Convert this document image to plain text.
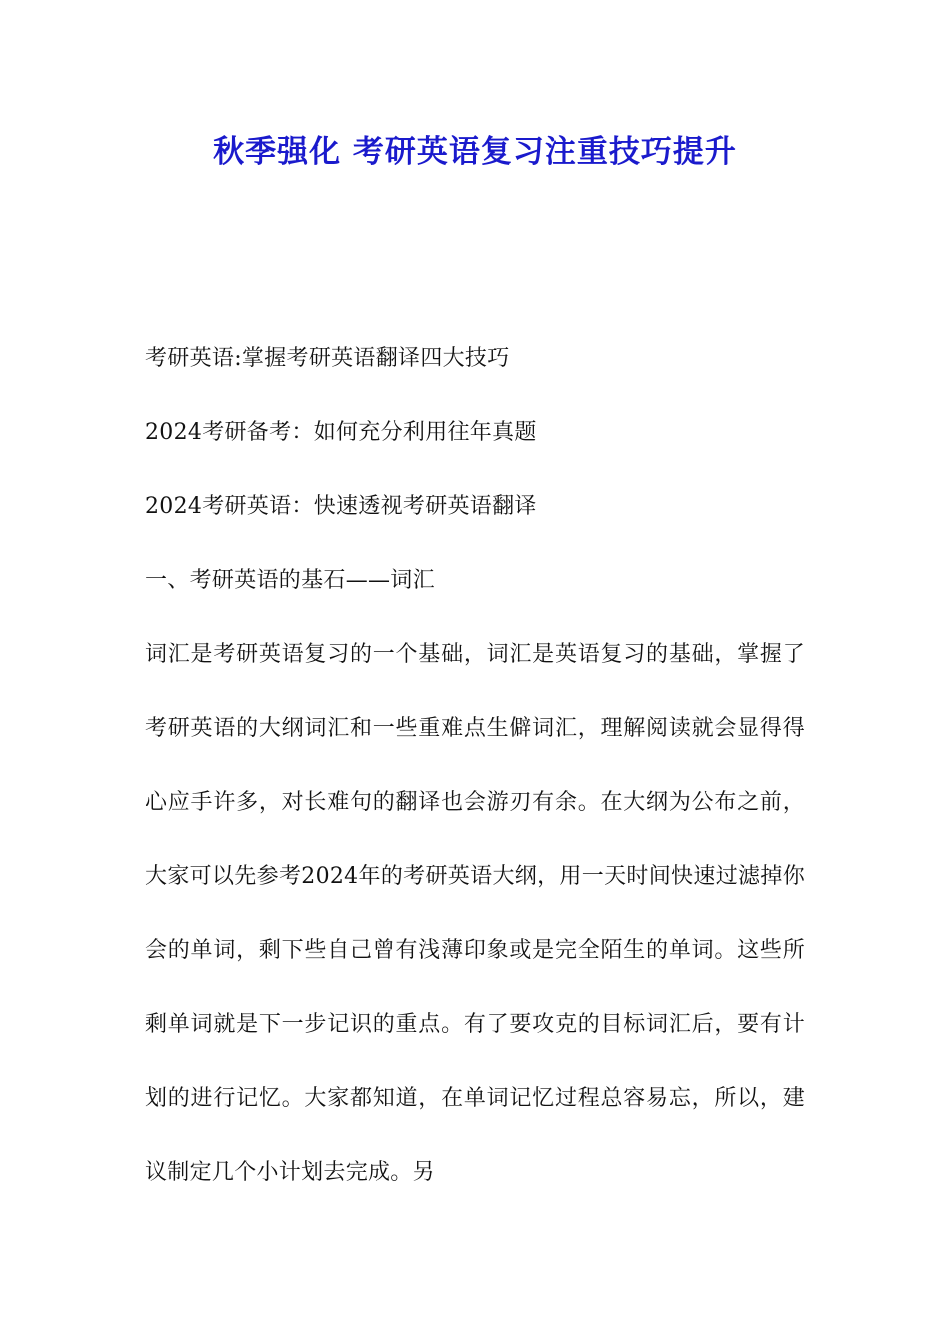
秋季强化 考研英语复习注重技巧提升
考研英语:掌握考研英语翻译四大技巧
2024考研备考：如何充分利用往年真题
2024考研英语：快速透视考研英语翻译
一、考研英语的基石——词汇
词汇是考研英语复习的一个基础，词汇是英语复习的基础，掌握了考研英语的大纲词汇和一些重难点生僻词汇，理解阅读就会显得得心应手许多，对长难句的翻译也会游刃有余。在大纲为公布之前，大家可以先参考2024年的考研英语大纲，用一天时间快速过滤掉你会的单词，剩下些自己曾有浅薄印象或是完全陌生的单词。这些所剩单词就是下一步记识的重点。有了要攻克的目标词汇后，要有计划的进行记忆。大家都知道，在单词记忆过程总容易忘，所以，建议制定几个小计划去完成。另
